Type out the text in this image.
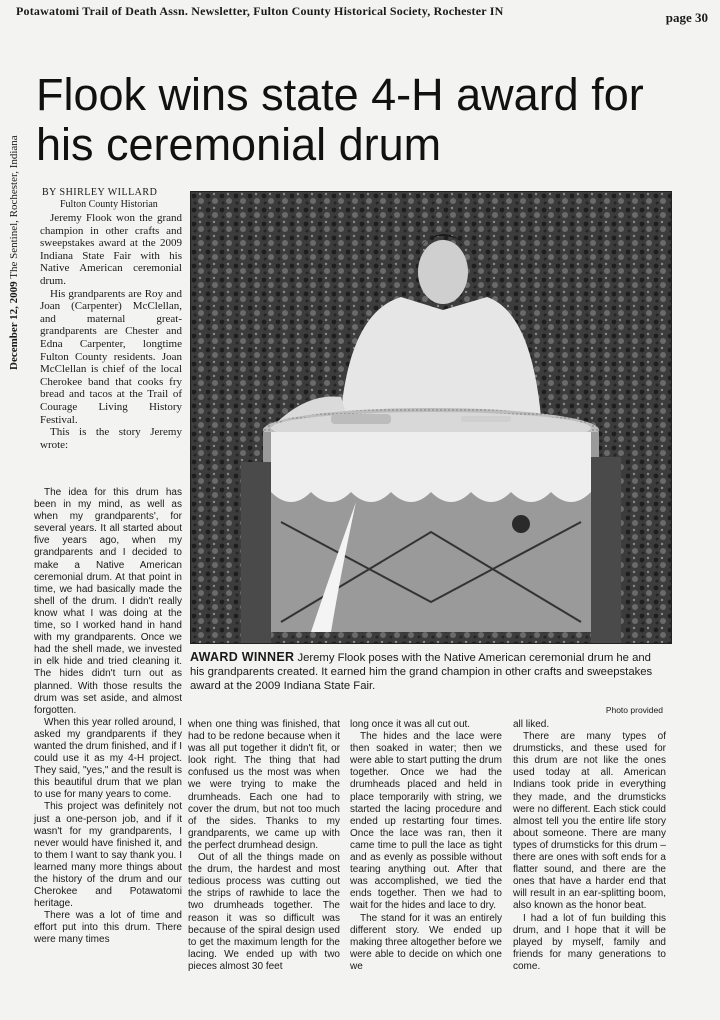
Potawatomi Trail of Death Assn. Newsletter, Fulton County Historical Society, Rochester IN	page 30
December 12, 2009 The Sentinel, Rochester, Indiana
Flook wins state 4-H award for his ceremonial drum
BY SHIRLEY WILLARD
Fulton County Historian

Jeremy Flook won the grand champion in other crafts and sweepstakes award at the 2009 Indiana State Fair with his Native American ceremonial drum.

His grandparents are Roy and Joan (Carpenter) McClellan, and maternal great-grandparents are Chester and Edna Carpenter, longtime Fulton County residents. Joan McClellan is chief of the local Cherokee band that cooks fry bread and tacos at the Trail of Courage Living History Festival.

This is the story Jeremy wrote:

The idea for this drum has been in my mind, as well as when my grandparents', for several years. It all started about five years ago, when my grandparents and I decided to make a Native American ceremonial drum. At that point in time, we had basically made the shell of the drum. I didn't really know what I was doing at the time, so I worked hand in hand with my grandparents. Once we had the shell made, we invested in elk hide and tried cleaning it. The hides didn't turn out as planned. With those results the drum was set aside, and almost forgotten.

When this year rolled around, I asked my grandparents if they wanted the drum finished, and if I could use it as my 4-H project. They said, "yes," and the result is this beautiful drum that we plan to use for many years to come.

This project was definitely not just a one-person job, and if it wasn't for my grandparents, I never would have finished it, and to them I want to say thank you. I learned many more things about the history of the drum and our Cherokee and Potawatomi heritage.

There was a lot of time and effort put into this drum. There were many times

AWARD WINNER Jeremy Flook poses with the Native American ceremonial drum he and his grandparents created. It earned him the grand champion in other crafts and sweepstakes award at the 2009 Indiana State Fair.
Photo provided

when one thing was finished, that had to be redone because when it was all put together it didn't fit, or look right. The thing that had confused us the most was when we were trying to make the drumheads. Each one had to cover the drum, but not too much of the sides. Thanks to my grandparents, we came up with the perfect drumhead design.

Out of all the things made on the drum, the hardest and most tedious process was cutting out the strips of rawhide to lace the two drumheads together. The reason it was so difficult was because of the spiral design used to get the maximum length for the lacing. We ended up with two pieces almost 30 feet

long once it was all cut out.

The hides and the lace were then soaked in water; then we were able to start putting the drum together. Once we had the drumheads placed and held in place temporarily with string, we started the lacing procedure and ended up restarting four times. Once the lace was ran, then it came time to pull the lace as tight and as evenly as possible without tearing anything out. After that was accomplished, we tied the ends together. Then we had to wait for the hides and lace to dry.

The stand for it was an entirely different story. We ended up making three altogether before we were able to decide on which one we

all liked.

There are many types of drumsticks, and these used for this drum are not like the ones used today at all. American Indians took pride in everything they made, and the drumsticks were no different. Each stick could almost tell you the entire life story about someone. There are many types of drumsticks for this drum – there are ones with soft ends for a flatter sound, and there are the ones that have a harder end that will result in an ear-splitting boom, also known as the honor beat.

I had a lot of fun building this drum, and I hope that it will be played by myself, family and friends for many generations to come.
